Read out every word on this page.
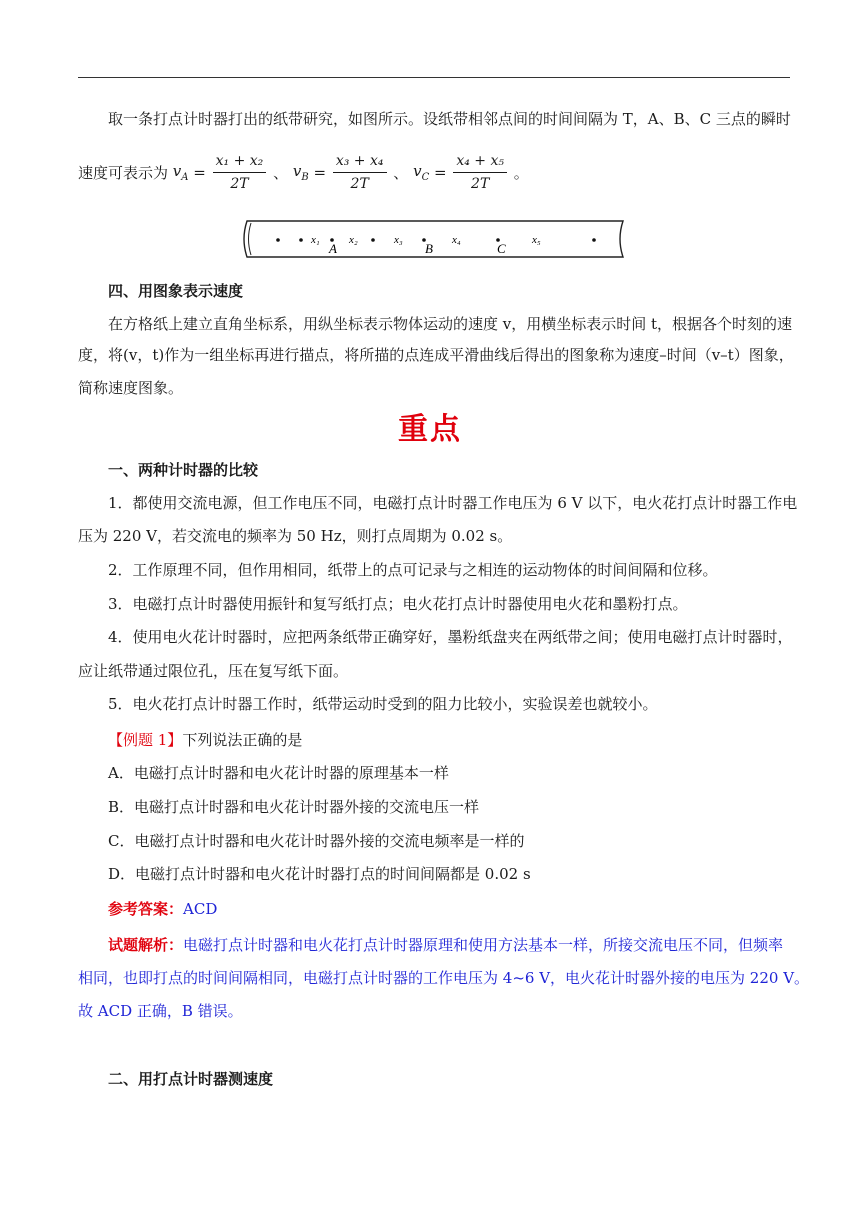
取一条打点计时器打出的纸带研究，如图所示。设纸带相邻点间的时间间隔为 T，A、B、C 三点的瞬时
速度可表示为 $v_A = \frac{\text{x₁ + x₂}}{2T}$ 、 $v_B = \frac{\text{x₃ + x₄}}{2T}$ 、 $v_C = \frac{\text{x₄ + x₅}}{2T}$ 。
x₁	x₂	x₃	x₄	x₅
A	B	C
四、用图象表示速度
在方格纸上建立直角坐标系，用纵坐标表示物体运动的速度 v，用横坐标表示时间 t，根据各个时刻的速
度，将(v，t)作为一组坐标再进行描点，将所描的点连成平滑曲线后得出的图象称为速度–时间（v–t）图象，
简称速度图象。
重点
一、两种计时器的比较
1．都使用交流电源，但工作电压不同，电磁打点计时器工作电压为 6 V 以下，电火花打点计时器工作电
压为 220 V，若交流电的频率为 50 Hz，则打点周期为 0.02 s。
2．工作原理不同，但作用相同，纸带上的点可记录与之相连的运动物体的时间间隔和位移。
3．电磁打点计时器使用振针和复写纸打点；电火花打点计时器使用电火花和墨粉打点。
4．使用电火花计时器时，应把两条纸带正确穿好，墨粉纸盘夹在两纸带之间；使用电磁打点计时器时，
应让纸带通过限位孔，压在复写纸下面。
5．电火花打点计时器工作时，纸带运动时受到的阻力比较小，实验误差也就较小。
【例题 1】下列说法正确的是
A．电磁打点计时器和电火花计时器的原理基本一样
B．电磁打点计时器和电火花计时器外接的交流电压一样
C．电磁打点计时器和电火花计时器外接的交流电频率是一样的
D．电磁打点计时器和电火花计时器打点的时间间隔都是 0.02 s
参考答案：ACD
试题解析：电磁打点计时器和电火花打点计时器原理和使用方法基本一样，所接交流电压不同，但频率
相同，也即打点的时间间隔相同，电磁打点计时器的工作电压为 4~6 V，电火花计时器外接的电压为 220 V。
故 ACD 正确，B 错误。
二、用打点计时器测速度
